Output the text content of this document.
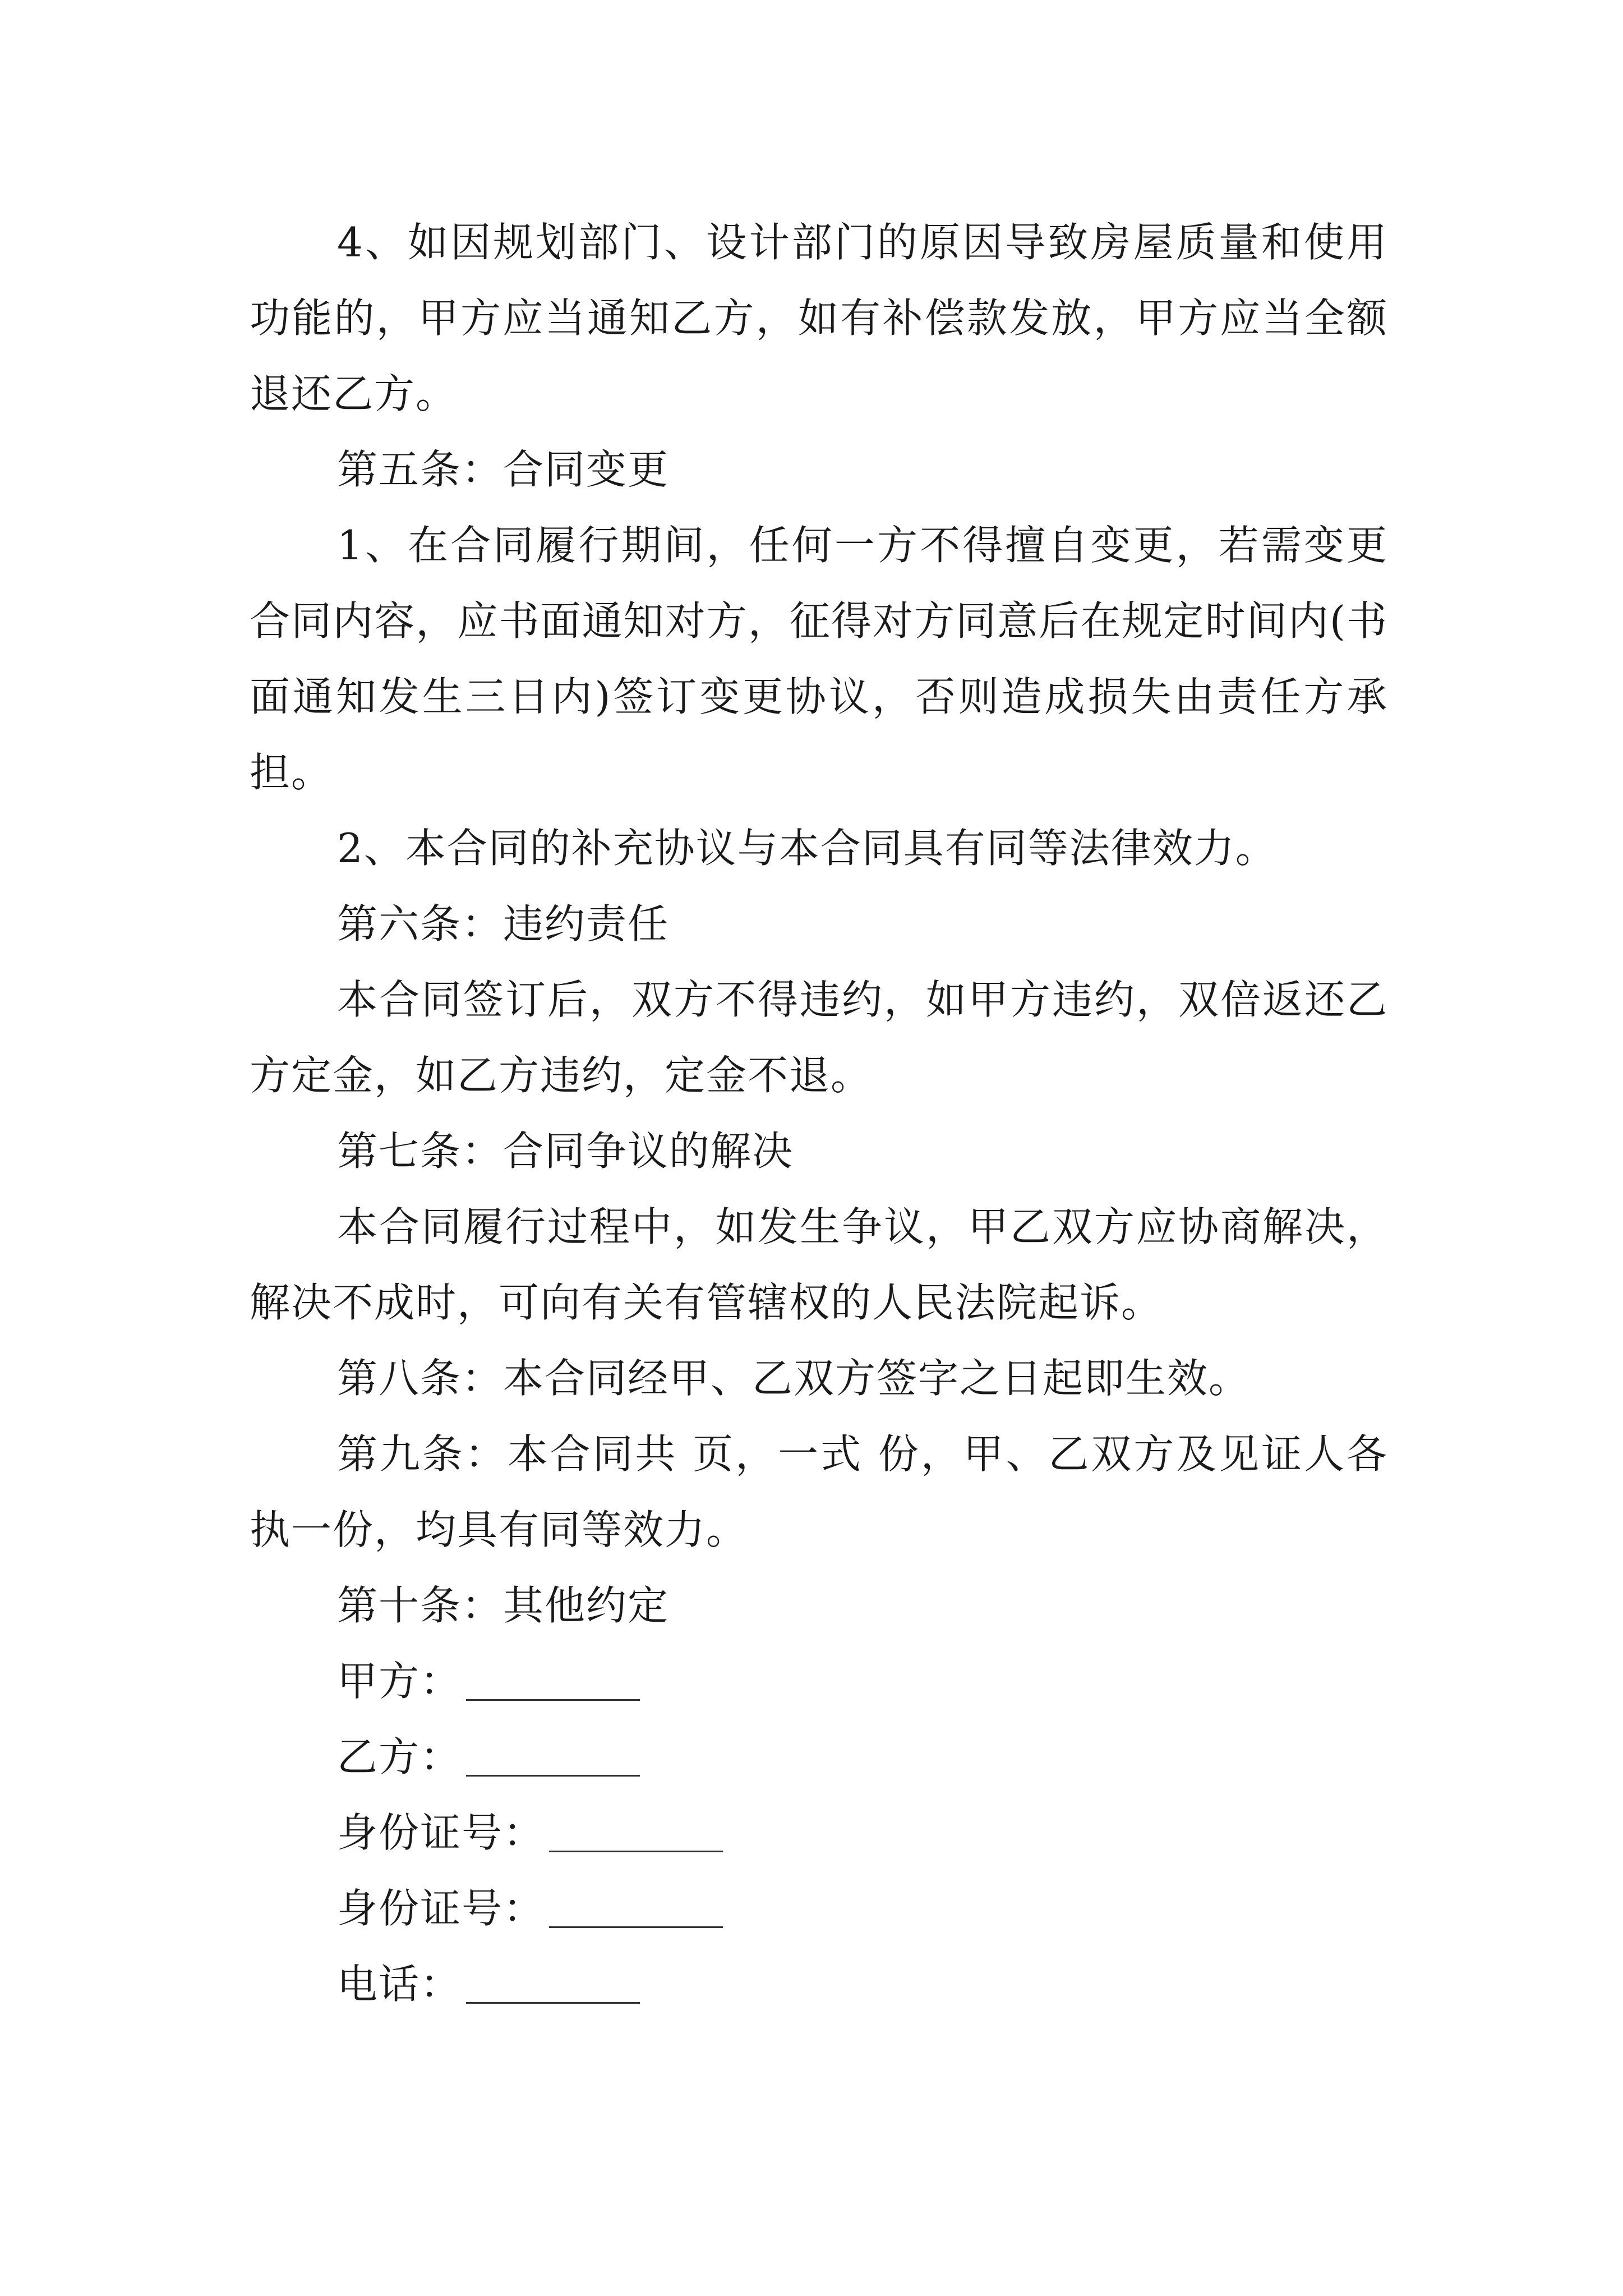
4、如因规划部门、设计部门的原因导致房屋质量和使用功能的，甲方应当通知乙方，如有补偿款发放，甲方应当全额退还乙方。

第五条：合同变更

1、在合同履行期间，任何一方不得擅自变更，若需变更合同内容，应书面通知对方，征得对方同意后在规定时间内(书面通知发生三日内)签订变更协议，否则造成损失由责任方承担。

2、本合同的补充协议与本合同具有同等法律效力。

第六条：违约责任

本合同签订后，双方不得违约，如甲方违约，双倍返还乙方定金，如乙方违约，定金不退。

第七条：合同争议的解决

本合同履行过程中，如发生争议，甲乙双方应协商解决，解决不成时，可向有关有管辖权的人民法院起诉。

第八条：本合同经甲、乙双方签字之日起即生效。

第九条：本合同共 页，一式 份，甲、乙双方及见证人各执一份，均具有同等效力。

第十条：其他约定

甲方：

乙方：

身份证号：

身份证号：

电话：
